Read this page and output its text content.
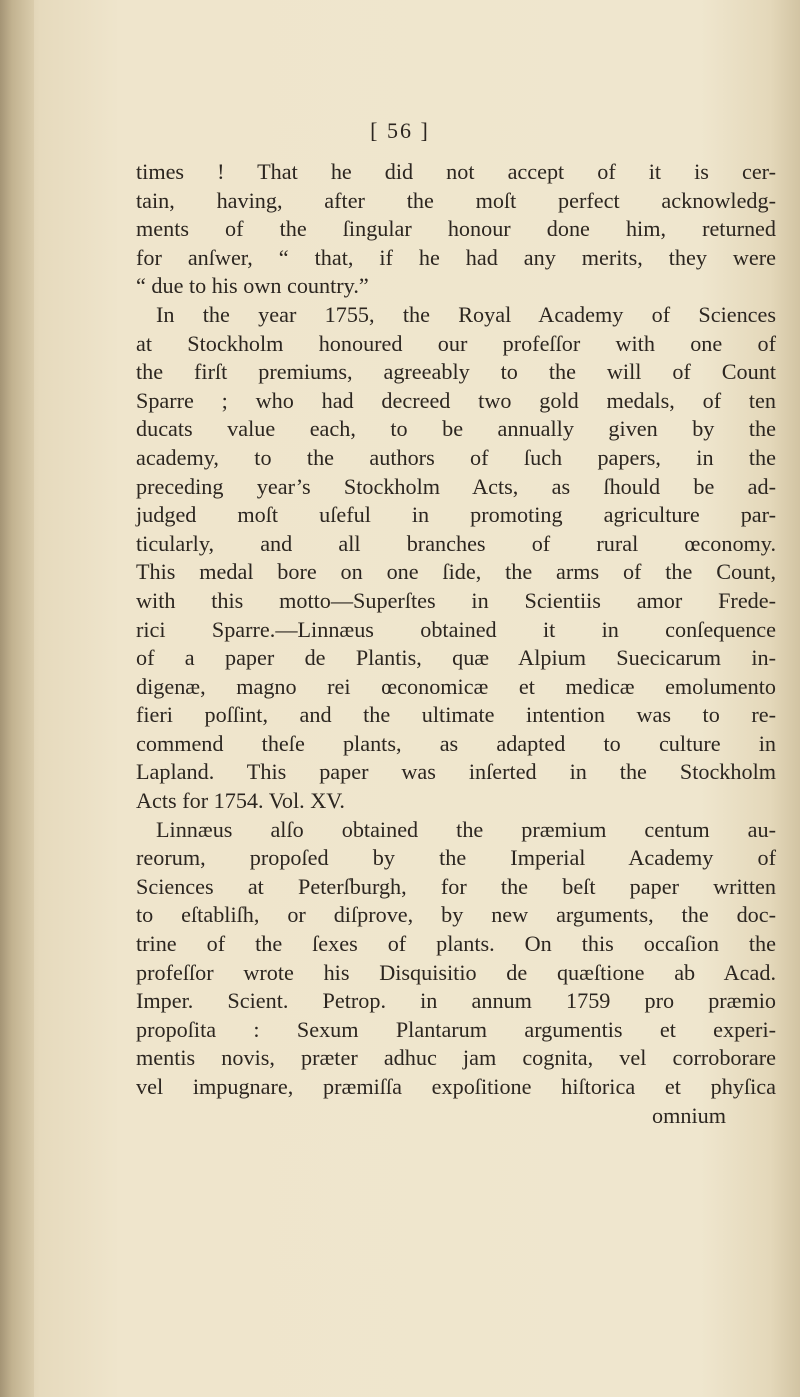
[ 56 ]
times ! That he did not accept of it is cer-
tain, having, after the moſt perfect acknowledg-
ments of the ſingular honour done him, returned
for anſwer, “ that, if he had any merits, they were
“ due to his own country.”
In the year 1755, the Royal Academy of Sciences
at Stockholm honoured our profeſſor with one of
the firſt premiums, agreeably to the will of Count
Sparre ; who had decreed two gold medals, of ten
ducats value each, to be annually given by the
academy, to the authors of ſuch papers, in the
preceding year’s Stockholm Acts, as ſhould be ad-
judged moſt uſeful in promoting agriculture par-
ticularly, and all branches of rural œconomy.
This medal bore on one ſide, the arms of the Count,
with this motto—Superſtes in Scientiis amor Frede-
rici Sparre.—Linnæus obtained it in conſequence
of a paper de Plantis, quæ Alpium Suecicarum in-
digenæ, magno rei œconomicæ et medicæ emolumento
fieri poſſint, and the ultimate intention was to re-
commend theſe plants, as adapted to culture in
Lapland. This paper was inſerted in the Stockholm
Acts for 1754. Vol. XV.
Linnæus alſo obtained the præmium centum au-
reorum, propoſed by the Imperial Academy of
Sciences at Peterſburgh, for the beſt paper written
to eſtabliſh, or diſprove, by new arguments, the doc-
trine of the ſexes of plants. On this occaſion the
profeſſor wrote his Disquisitio de quæſtione ab Acad.
Imper. Scient. Petrop. in annum 1759 pro præmio
propoſita : Sexum Plantarum argumentis et experi-
mentis novis, præter adhuc jam cognita, vel corroborare
vel impugnare, præmiſſa expoſitione hiſtorica et phyſica
omnium
